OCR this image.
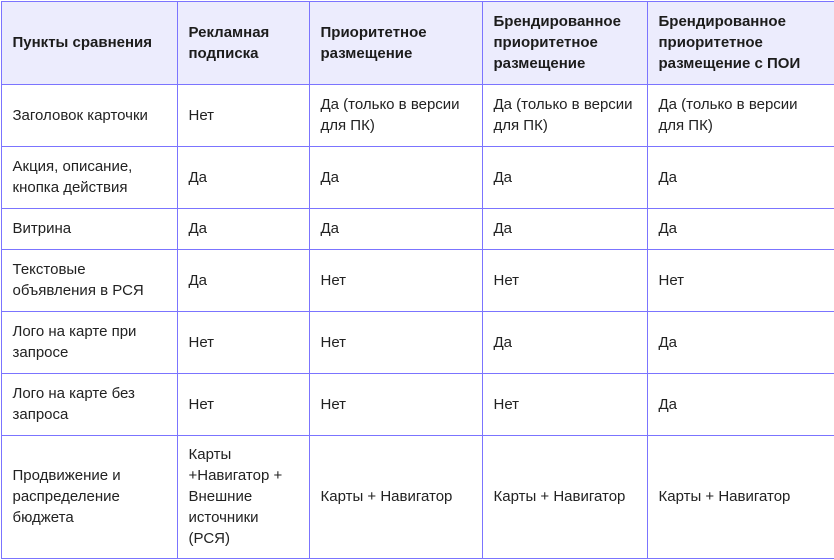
Пункты сравнения	Рекламная подписка	Приоритетное размещение	Брендированное приоритетное размещение	Брендированное приоритетное размещение с ПОИ
Заголовок карточки	Нет	Да (только в версии для ПК)	Да (только в версии для ПК)	Да (только в версии для ПК)
Акция, описание, кнопка действия	Да	Да	Да	Да
Витрина	Да	Да	Да	Да
Текстовые объявления в РСЯ	Да	Нет	Нет	Нет
Лого на карте при запросе	Нет	Нет	Да	Да
Лого на карте без запроса	Нет	Нет	Нет	Да
Продвижение и распределение бюджета	Карты +Навигатор + Внешние источники (РСЯ)	Карты + Навигатор	Карты + Навигатор	Карты + Навигатор
